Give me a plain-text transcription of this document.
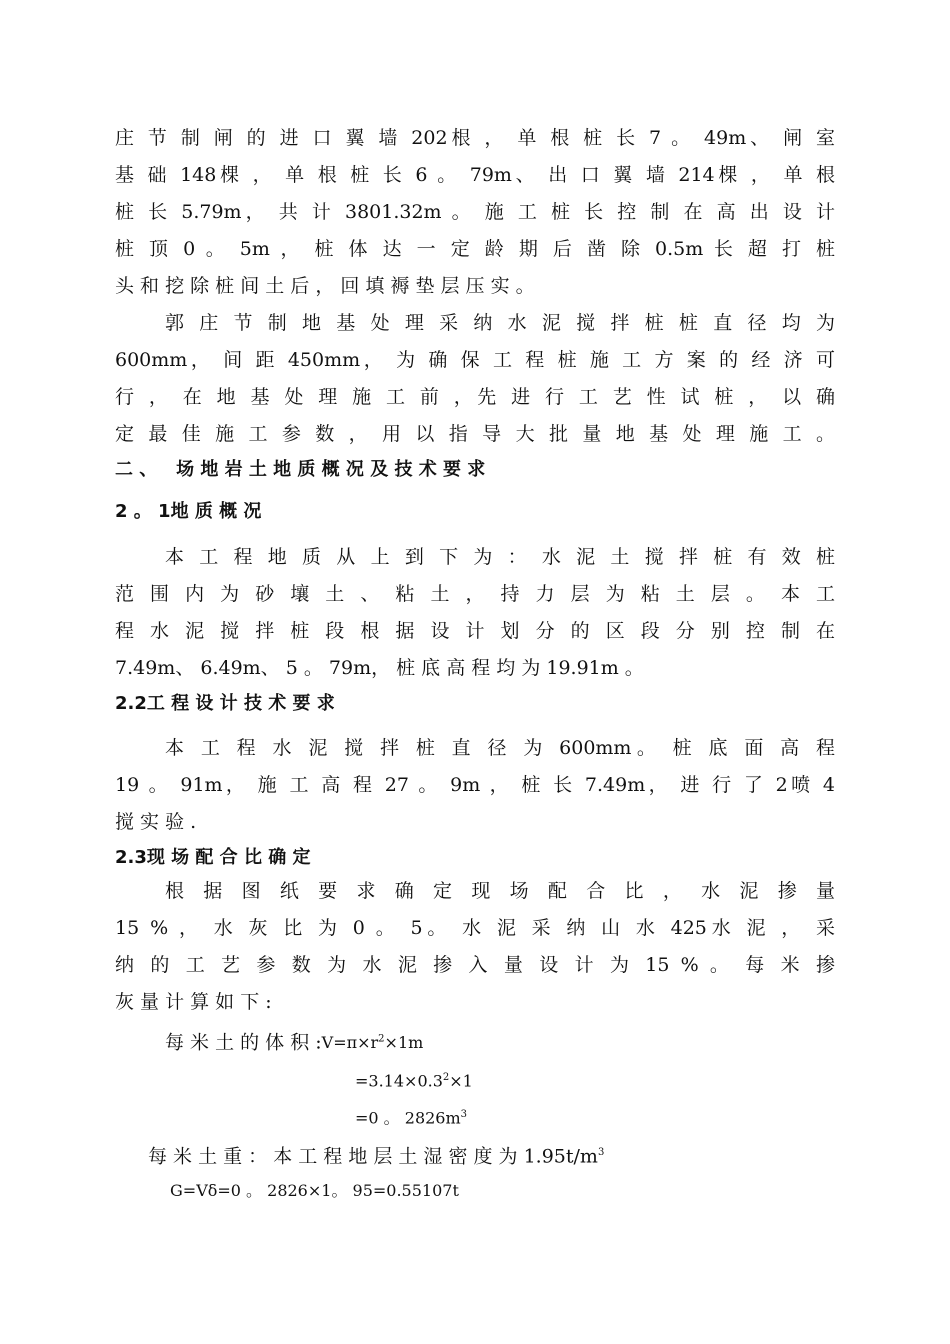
庄 节 制 闸 的 进 口 翼 墙 202根 ， 单 根 桩 长 7 。 49m、 闸 室
基 础 148棵 ， 单 根 桩 长 6 。 79m、 出 口 翼 墙 214棵 ， 单 根
桩 长 5.79m， 共 计 3801.32m 。 施 工 桩 长 控 制 在 高 出 设 计
桩 顶 0 。 5m ， 桩 体 达 一 定 龄 期 后 凿 除 0.5m 长 超 打 桩
头 和 挖 除 桩 间 土 后 ， 回 填 褥 垫 层 压 实 。
郭 庄 节 制 地 基 处 理 采 纳 水 泥 搅 拌 桩 桩 直 径 均 为
600mm， 间 距 450mm， 为 确 保 工 程 桩 施 工 方 案 的 经 济 可
行 ， 在 地 基 处 理 施 工 前 ，先 进 行 工 艺 性 试 桩 ， 以 确
定 最 佳 施 工 参 数 ， 用 以 指 导 大 批 量 地 基 处 理 施 工 。
二 、   场 地 岩 土 地 质 概 况 及 技 术 要 求
2 。 1地 质 概 况
本 工 程 地 质 从 上 到 下 为 ： 水 泥 土 搅 拌 桩 有 效 桩
范 围 内 为 砂 壤 土 、 粘 土 ， 持 力 层 为 粘 土 层 。 本 工
程 水 泥 搅 拌 桩 段 根 据 设 计 划 分 的 区 段 分 别 控 制 在
7.49m、 6.49m、 5 。 79m， 桩 底 高 程 均 为 19.91m 。
2.2工 程 设 计 技 术 要 求
本 工 程 水 泥 搅 拌 桩 直 径 为 600mm。 桩 底 面 高 程
19 。 91m， 施 工 高 程 27 。 9m ， 桩 长 7.49m， 进 行 了 2喷 4
搅 实 验 .
2.3现 场 配 合 比 确 定
根 据 图 纸 要 求 确 定 现 场 配 合 比 ， 水 泥 掺 量
15 % ， 水 灰 比 为 0 。 5。 水 泥 采 纳 山 水 425水 泥 ， 采
纳 的 工 艺 参 数 为 水 泥 掺 入 量 设 计 为 15 % 。 每 米 掺
灰 量 计 算 如 下 :
每 米 土 的 体 积 $:V=\pi\times r^2\times 1m$
$=3.14\times 0.3^2\times 1$
=0 。 $2826m^3$
每 米 土 重 ： 本 工 程 地 层 土 湿 密 度 为 $1.95t/m^3$
G=Vδ=0 。 2826×1。 95=0.55107t
